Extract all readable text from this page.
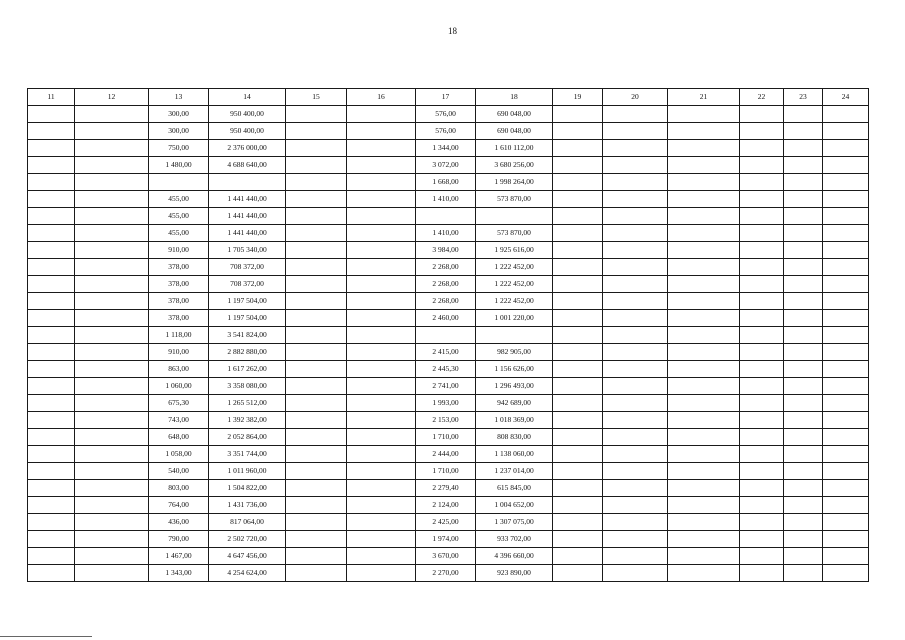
18
11	12	13	14	15	16	17	18	19	20	21	22	23	24
		300,00	950 400,00			576,00	690 048,00						
		300,00	950 400,00			576,00	690 048,00						
		750,00	2 376 000,00			1 344,00	1 610 112,00						
		1 480,00	4 688 640,00			3 072,00	3 680 256,00						
						1 668,00	1 998 264,00						
		455,00	1 441 440,00			1 410,00	573 870,00						
		455,00	1 441 440,00										
		455,00	1 441 440,00			1 410,00	573 870,00						
		910,00	1 705 340,00			3 984,00	1 925 616,00						
		378,00	708 372,00			2 268,00	1 222 452,00						
		378,00	708 372,00			2 268,00	1 222 452,00						
		378,00	1 197 504,00			2 268,00	1 222 452,00						
		378,00	1 197 504,00			2 460,00	1 001 220,00						
		1 118,00	3 541 824,00										
		910,00	2 882 880,00			2 415,00	982 905,00						
		863,00	1 617 262,00			2 445,30	1 156 626,00						
		1 060,00	3 358 080,00			2 741,00	1 296 493,00						
		675,30	1 265 512,00			1 993,00	942 689,00						
		743,00	1 392 382,00			2 153,00	1 018 369,00						
		648,00	2 052 864,00			1 710,00	808 830,00						
		1 058,00	3 351 744,00			2 444,00	1 138 060,00						
		540,00	1 011 960,00			1 710,00	1 237 014,00						
		803,00	1 504 822,00			2 279,40	615 845,00						
		764,00	1 431 736,00			2 124,00	1 004 652,00						
		436,00	817 064,00			2 425,00	1 307 075,00						
		790,00	2 502 720,00			1 974,00	933 702,00						
		1 467,00	4 647 456,00			3 670,00	4 396 660,00						
		1 343,00	4 254 624,00			2 270,00	923 890,00						
